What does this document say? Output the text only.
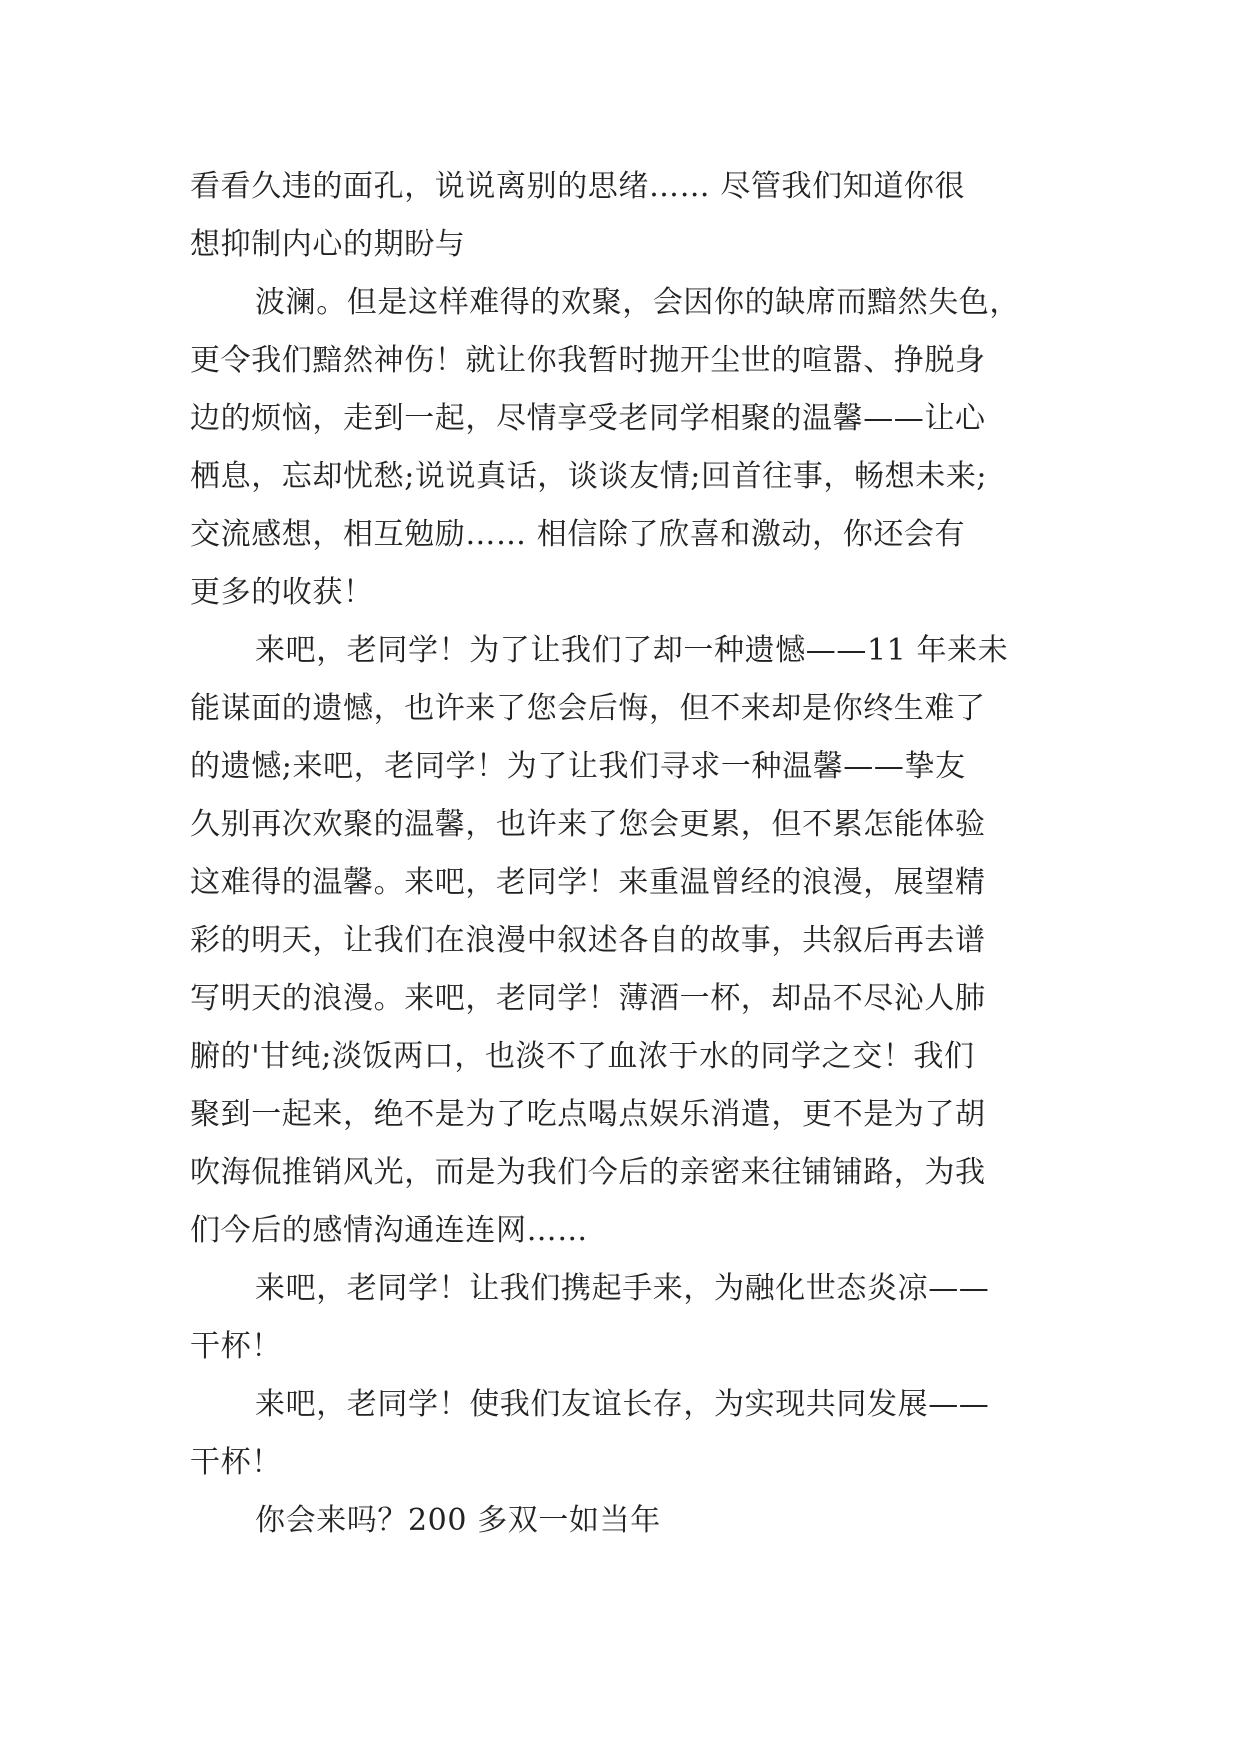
看看久违的面孔，说说离别的思绪…… 尽管我们知道你很
想抑制内心的期盼与
波澜。但是这样难得的欢聚，会因你的缺席而黯然失色，
更令我们黯然神伤！就让你我暂时抛开尘世的喧嚣、挣脱身
边的烦恼，走到一起，尽情享受老同学相聚的温馨——让心
栖息，忘却忧愁;说说真话，谈谈友情;回首往事，畅想未来;
交流感想，相互勉励…… 相信除了欣喜和激动，你还会有
更多的收获！
来吧，老同学！为了让我们了却一种遗憾——11 年来未
能谋面的遗憾，也许来了您会后悔，但不来却是你终生难了
的遗憾;来吧，老同学！为了让我们寻求一种温馨——挚友
久别再次欢聚的温馨，也许来了您会更累，但不累怎能体验
这难得的温馨。来吧，老同学！来重温曾经的浪漫，展望精
彩的明天，让我们在浪漫中叙述各自的故事，共叙后再去谱
写明天的浪漫。来吧，老同学！薄酒一杯，却品不尽沁人肺
腑的'甘纯;淡饭两口，也淡不了血浓于水的同学之交！我们
聚到一起来，绝不是为了吃点喝点娱乐消遣，更不是为了胡
吹海侃推销风光，而是为我们今后的亲密来往铺铺路，为我
们今后的感情沟通连连网……
来吧，老同学！让我们携起手来，为融化世态炎凉——
干杯！
来吧，老同学！使我们友谊长存，为实现共同发展——
干杯！
你会来吗？200 多双一如当年
